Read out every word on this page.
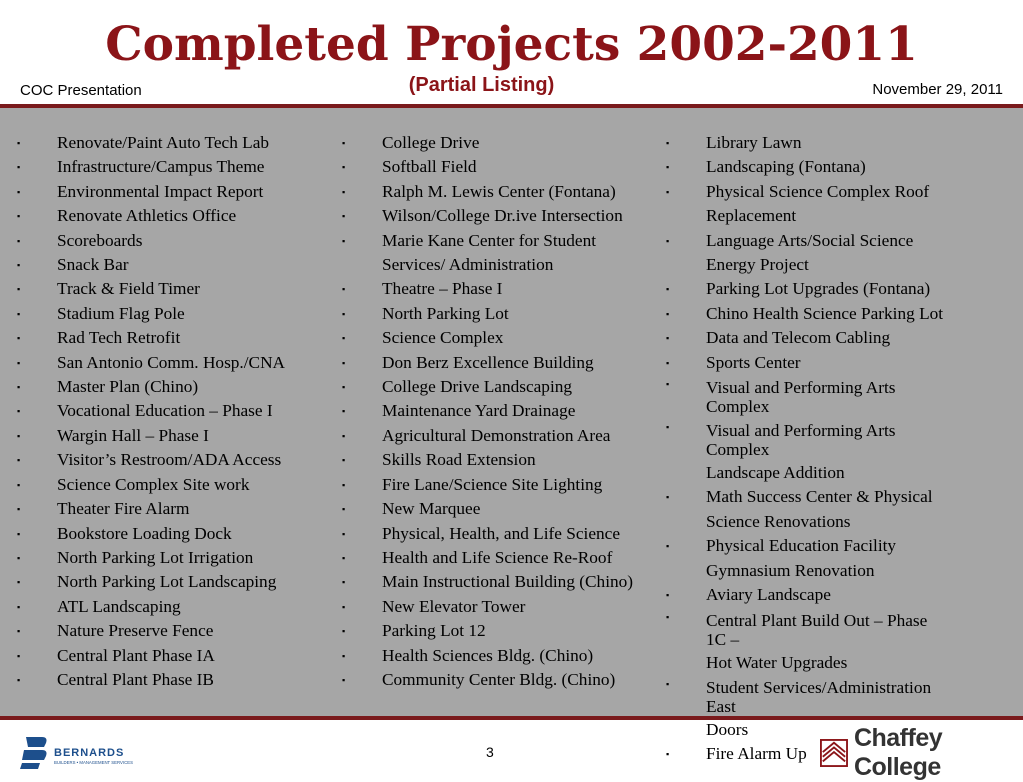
Completed Projects 2002-2011
(Partial Listing)
COC Presentation	November 29, 2011
▪ Renovate/Paint Auto Tech Lab
▪ Infrastructure/Campus Theme
▪ Environmental Impact Report
▪ Renovate Athletics Office
▪ Scoreboards
▪ Snack Bar
▪ Track & Field Timer
▪ Stadium Flag Pole
▪ Rad Tech Retrofit
▪ San Antonio Comm. Hosp./CNA
▪ Master Plan (Chino)
▪ Vocational Education – Phase I
▪ Wargin Hall – Phase I
▪ Visitor’s Restroom/ADA Access
▪ Science Complex Site work
▪ Theater Fire Alarm
▪ Bookstore Loading Dock
▪ North Parking Lot Irrigation
▪ North Parking Lot Landscaping
▪ ATL Landscaping
▪ Nature Preserve Fence
▪ Central Plant Phase IA
▪ Central Plant Phase IB
▪ College Drive
▪ Softball Field
▪ Ralph M. Lewis Center (Fontana)
▪ Wilson/College Dr.ive Intersection
▪ Marie Kane Center for Student
Services/ Administration
▪ Theatre – Phase I
▪ North Parking Lot
▪ Science Complex
▪ Don Berz Excellence Building
▪ College Drive Landscaping
▪ Maintenance Yard Drainage
▪ Agricultural Demonstration Area
▪ Skills Road Extension
▪ Fire Lane/Science Site Lighting
▪ New Marquee
▪ Physical, Health, and Life Science
▪ Health and Life Science Re-Roof
▪ Main Instructional Building (Chino)
▪ New Elevator Tower
▪ Parking Lot 12
▪ Health Sciences Bldg. (Chino)
▪ Community Center Bldg. (Chino)
▪ Library Lawn
▪ Landscaping (Fontana)
▪ Physical Science Complex Roof
Replacement
▪ Language Arts/Social Science
Energy Project
▪ Parking Lot Upgrades (Fontana)
▪ Chino Health Science Parking Lot
▪ Data and Telecom Cabling
▪ Sports Center
▪ Visual and Performing Arts
Complex
▪ Visual and Performing Arts
Complex
Landscape Addition
▪ Math Success Center & Physical
Science Renovations
▪ Physical Education Facility
Gymnasium Renovation
▪ Aviary Landscape
▪ Central Plant Build Out – Phase
1C –
Hot Water Upgrades
▪ Student Services/Administration
East
Doors
▪ Fire Alarm Up
3
BERNARDS
BUILDERS • MANAGEMENT SERVICES
Chaffey College
